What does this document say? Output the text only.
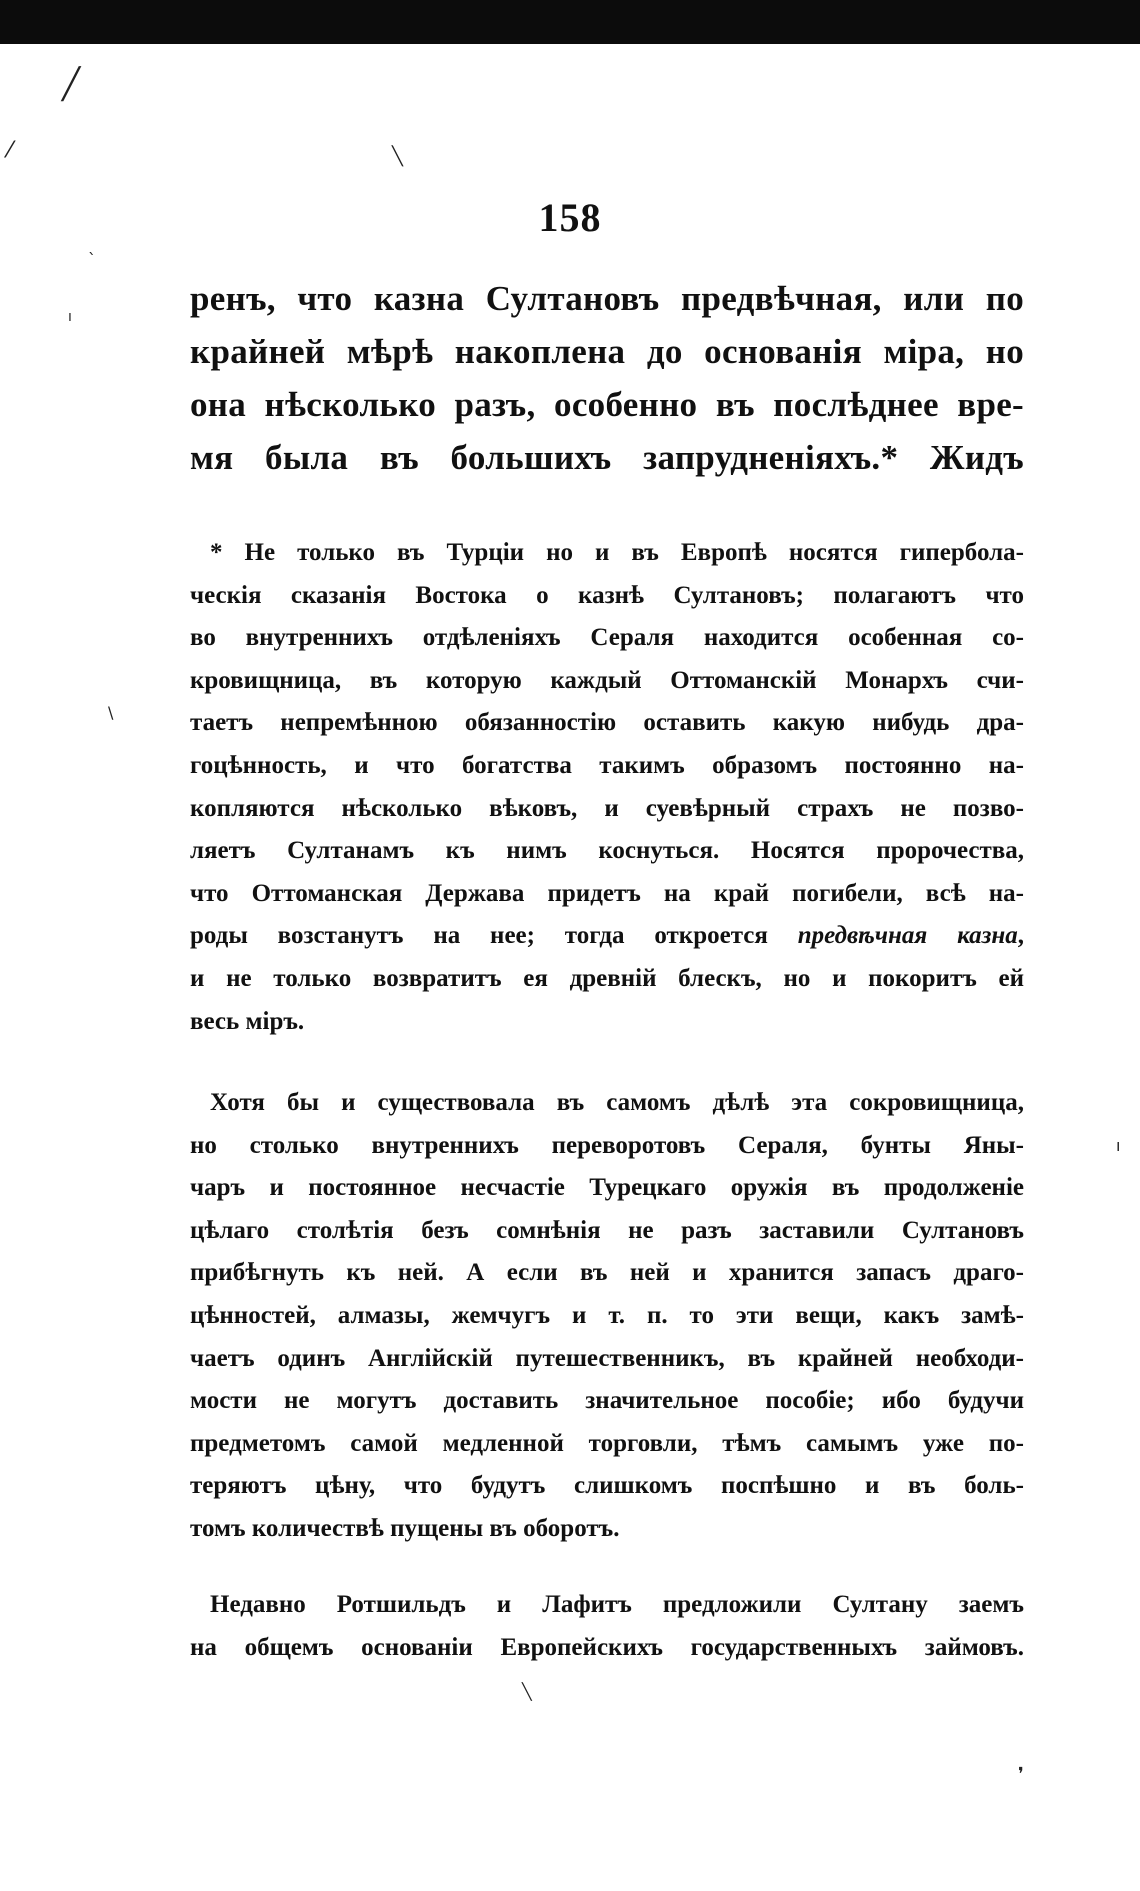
╱
⁄	╲
ˋ
ı
\
ı
❜
╲
158
ренъ, что казна Султановъ предвѣчная, или по
крайней мѣрѣ накоплена до основанія міра, но
она нѣсколько разъ, особенно въ послѣднее вре-
мя была въ большихъ запрудненіяхъ.* Жидъ
* Не только въ Турціи но и въ Европѣ носятся гипербола-
ческія сказанія Востока о казнѣ Султановъ; полагаютъ что
во внутреннихъ отдѣленіяхъ Сераля находится особенная со-
кровищница, въ которую каждый Оттоманскій Монархъ счи-
таетъ непремѣнною обязанностію оставить какую нибудь дра-
гоцѣнность, и что богатства такимъ образомъ постоянно на-
копляются нѣсколько вѣковъ, и суевѣрный страхъ не позво-
ляетъ Султанамъ къ нимъ коснуться. Носятся пророчества,
что Оттоманская Держава придетъ на край погибели, всѣ на-
роды возстанутъ на нее; тогда откроется предвѣчная казна,
и не только возвратитъ ея древній блескъ, но и покоритъ ей
весь міръ.
Хотя бы и существовала въ самомъ дѣлѣ эта сокровищница,
но столько внутреннихъ переворотовъ Сераля, бунты Яны-
чаръ и постоянное несчастіе Турецкаго оружія въ продолженіе
цѣлаго столѣтія безъ сомнѣнія не разъ заставили Султановъ
прибѣгнуть къ ней. А если въ ней и хранится запасъ драго-
цѣнностей, алмазы, жемчугъ и т. п. то эти вещи, какъ замѣ-
чаетъ одинъ Англійскій путешественникъ, въ крайней необходи-
мости не могутъ доставить значительное пособіе; ибо будучи
предметомъ самой медленной торговли, тѣмъ самымъ уже по-
теряютъ цѣну, что будутъ слишкомъ поспѣшно и въ боль-
томъ количествѣ пущены въ оборотъ.
Недавно Ротшильдъ и Лафитъ предложили Султану заемъ
на общемъ основаніи Европейскихъ государственныхъ займовъ.
